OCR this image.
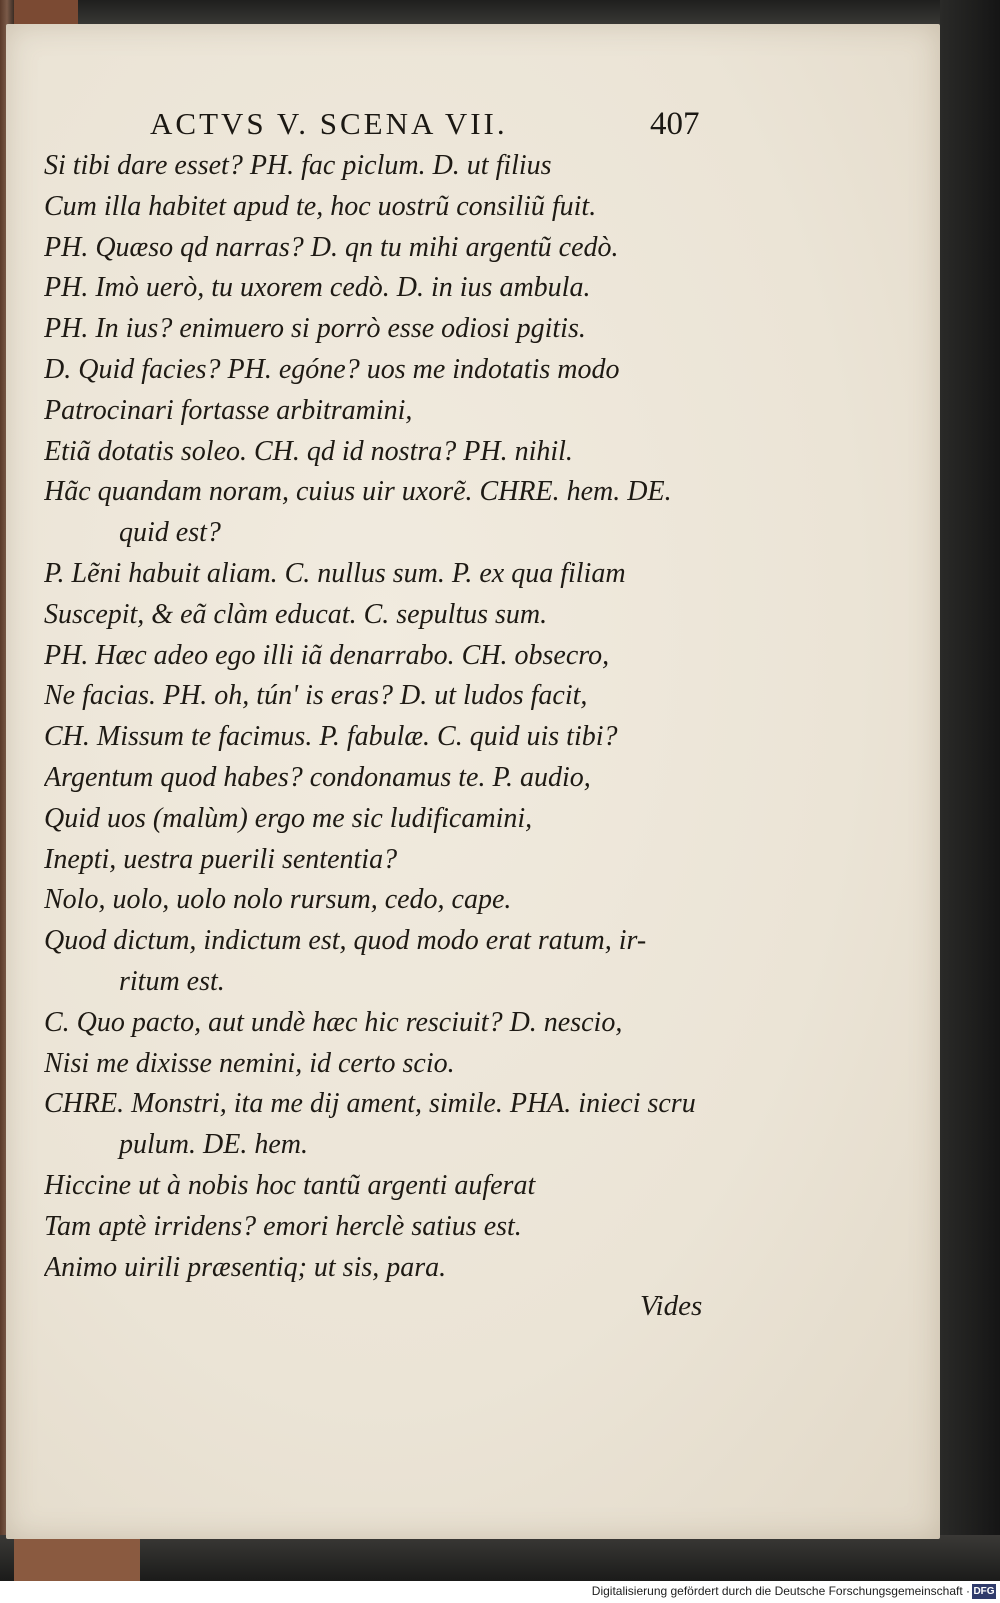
ACTVS V. SCENA VII.	407
Si tibi dare esset? PH. fac piclum. D. ut filius
Cum illa habitet apud te, hoc uostrũ consiliũ fuit.
PH. Quæso qd narras? D. qn tu mihi argentũ cedò.
PH. Imò uerò, tu uxorem cedò. D. in ius ambula.
PH. In ius? enimuero si porrò esse odiosi pgitis.
D. Quid facies? PH. egóne? uos me indotatis modo
Patrocinari fortasse arbitramini,
Etiã dotatis soleo. CH. qd id nostra? PH. nihil.
Hãc quandam noram, cuius uir uxorẽ. CHRE. hem. DE.
quid est?
P. Lẽni habuit aliam. C. nullus sum. P. ex qua filiam
Suscepit, & eã clàm educat. C. sepultus sum.
PH. Hæc adeo ego illi iã denarrabo. CH. obsecro,
Ne facias. PH. oh, tún' is eras? D. ut ludos facit,
CH. Missum te facimus. P. fabulæ. C. quid uis tibi?
Argentum quod habes? condonamus te. P. audio,
Quid uos (malùm) ergo me sic ludificamini,
Inepti, uestra puerili sententia?
Nolo, uolo, uolo nolo rursum, cedo, cape.
Quod dictum, indictum est, quod modo erat ratum, ir-
ritum est.
C. Quo pacto, aut undè hæc hic resciuit? D. nescio,
Nisi me dixisse nemini, id certo scio.
CHRE. Monstri, ita me dij ament, simile. PHA. inieci scru
pulum. DE. hem.
Hiccine ut à nobis hoc tantũ argenti auferat
Tam aptè irridens? emori herclè satius est.
Animo uirili præsentiq; ut sis, para.
Vides
Digitalisierung gefördert durch die Deutsche Forschungsgemeinschaft · DFG
